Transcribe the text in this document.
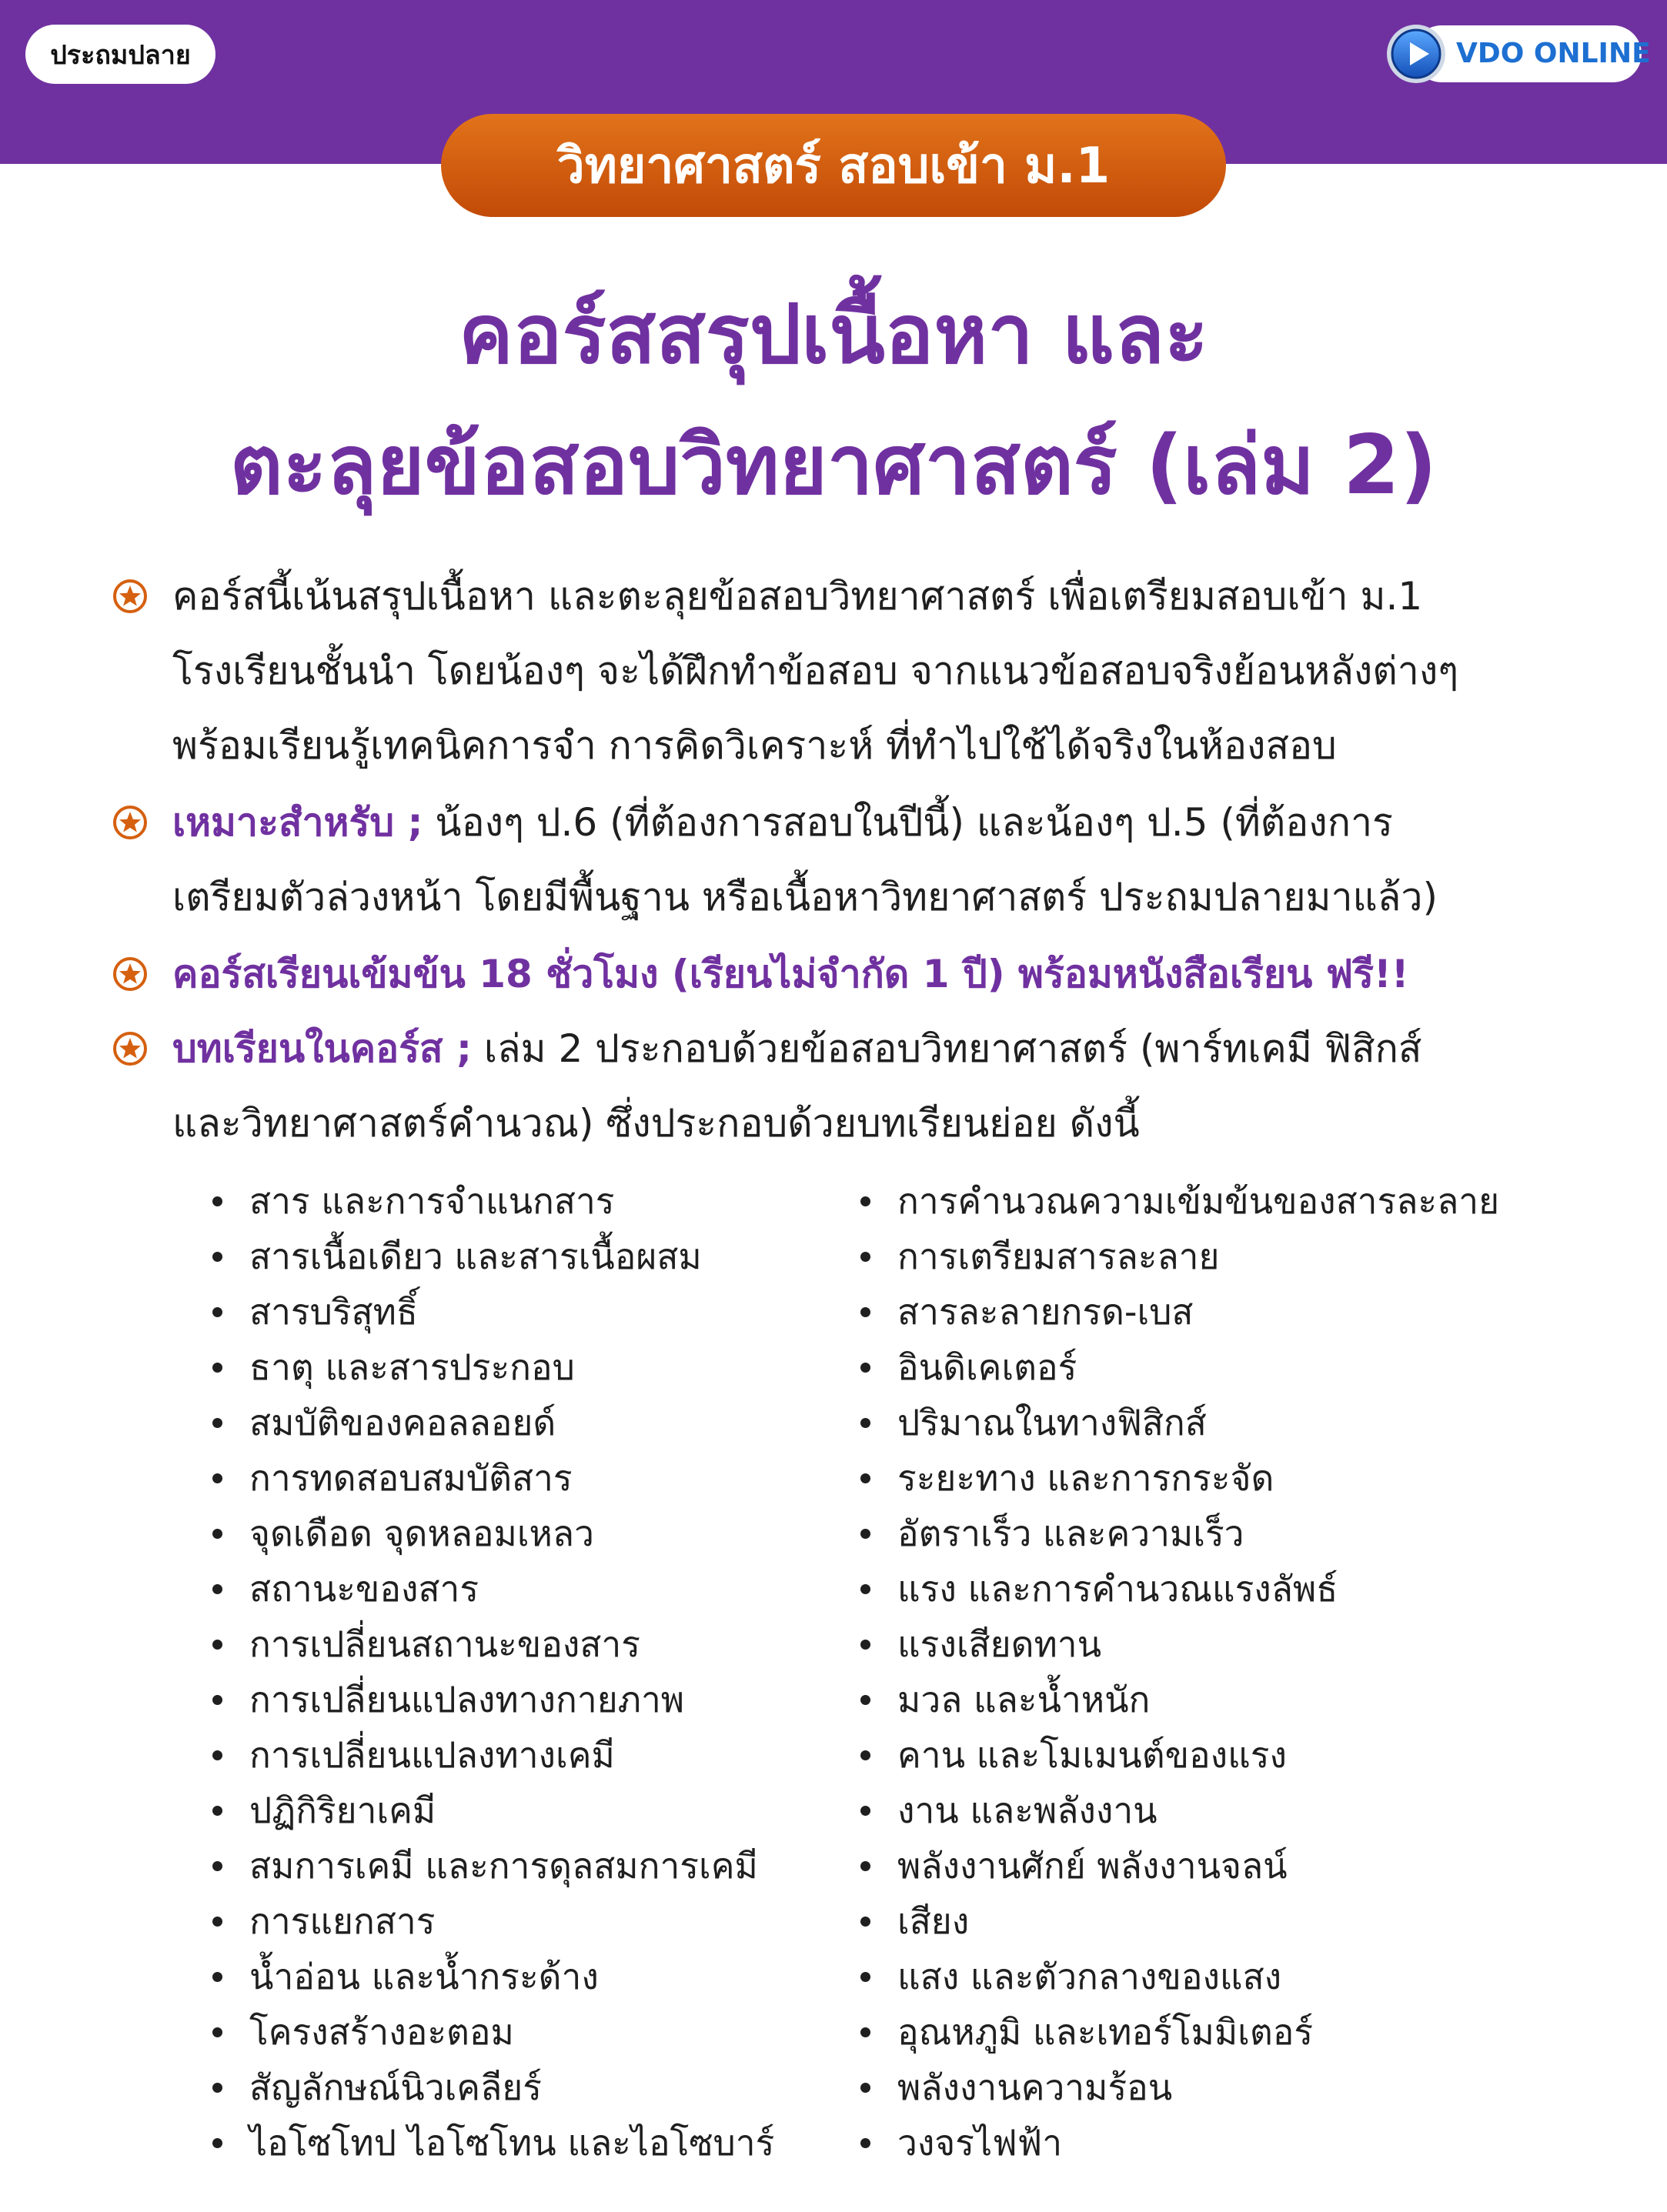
ประถมปลาย	VDO ONLINE
วิทยาศาสตร์ สอบเข้า ม.1
คอร์สสรุปเนื้อหา และ
ตะลุยข้อสอบวิทยาศาสตร์ (เล่ม 2)
คอร์สนี้เน้นสรุปเนื้อหา และตะลุยข้อสอบวิทยาศาสตร์ เพื่อเตรียมสอบเข้า ม.1
โรงเรียนชั้นนำ โดยน้องๆ จะได้ฝึกทำข้อสอบ จากแนวข้อสอบจริงย้อนหลังต่างๆ
พร้อมเรียนรู้เทคนิคการจำ การคิดวิเคราะห์ ที่ทำไปใช้ได้จริงในห้องสอบ
เหมาะสำหรับ ; น้องๆ ป.6 (ที่ต้องการสอบในปีนี้) และน้องๆ ป.5 (ที่ต้องการ
เตรียมตัวล่วงหน้า โดยมีพื้นฐาน หรือเนื้อหาวิทยาศาสตร์ ประถมปลายมาแล้ว)
คอร์สเรียนเข้มข้น 18 ชั่วโมง (เรียนไม่จำกัด 1 ปี) พร้อมหนังสือเรียน ฟรี!!
บทเรียนในคอร์ส ; เล่ม 2 ประกอบด้วยข้อสอบวิทยาศาสตร์ (พาร์ทเคมี ฟิสิกส์
และวิทยาศาสตร์คำนวณ) ซึ่งประกอบด้วยบทเรียนย่อย ดังนี้
สาร และการจำแนกสาร
สารเนื้อเดียว และสารเนื้อผสม
สารบริสุทธิ์
ธาตุ และสารประกอบ
สมบัติของคอลลอยด์
การทดสอบสมบัติสาร
จุดเดือด จุดหลอมเหลว
สถานะของสาร
การเปลี่ยนสถานะของสาร
การเปลี่ยนแปลงทางกายภาพ
การเปลี่ยนแปลงทางเคมี
ปฏิกิริยาเคมี
สมการเคมี และการดุลสมการเคมี
การแยกสาร
น้ำอ่อน และน้ำกระด้าง
โครงสร้างอะตอม
สัญลักษณ์นิวเคลียร์
ไอโซโทป ไอโซโทน และไอโซบาร์
การคำนวณความเข้มข้นของสารละลาย
การเตรียมสารละลาย
สารละลายกรด-เบส
อินดิเคเตอร์
ปริมาณในทางฟิสิกส์
ระยะทาง และการกระจัด
อัตราเร็ว และความเร็ว
แรง และการคำนวณแรงลัพธ์
แรงเสียดทาน
มวล และน้ำหนัก
คาน และโมเมนต์ของแรง
งาน และพลังงาน
พลังงานศักย์ พลังงานจลน์
เสียง
แสง และตัวกลางของแสง
อุณหภูมิ และเทอร์โมมิเตอร์
พลังงานความร้อน
วงจรไฟฟ้า
